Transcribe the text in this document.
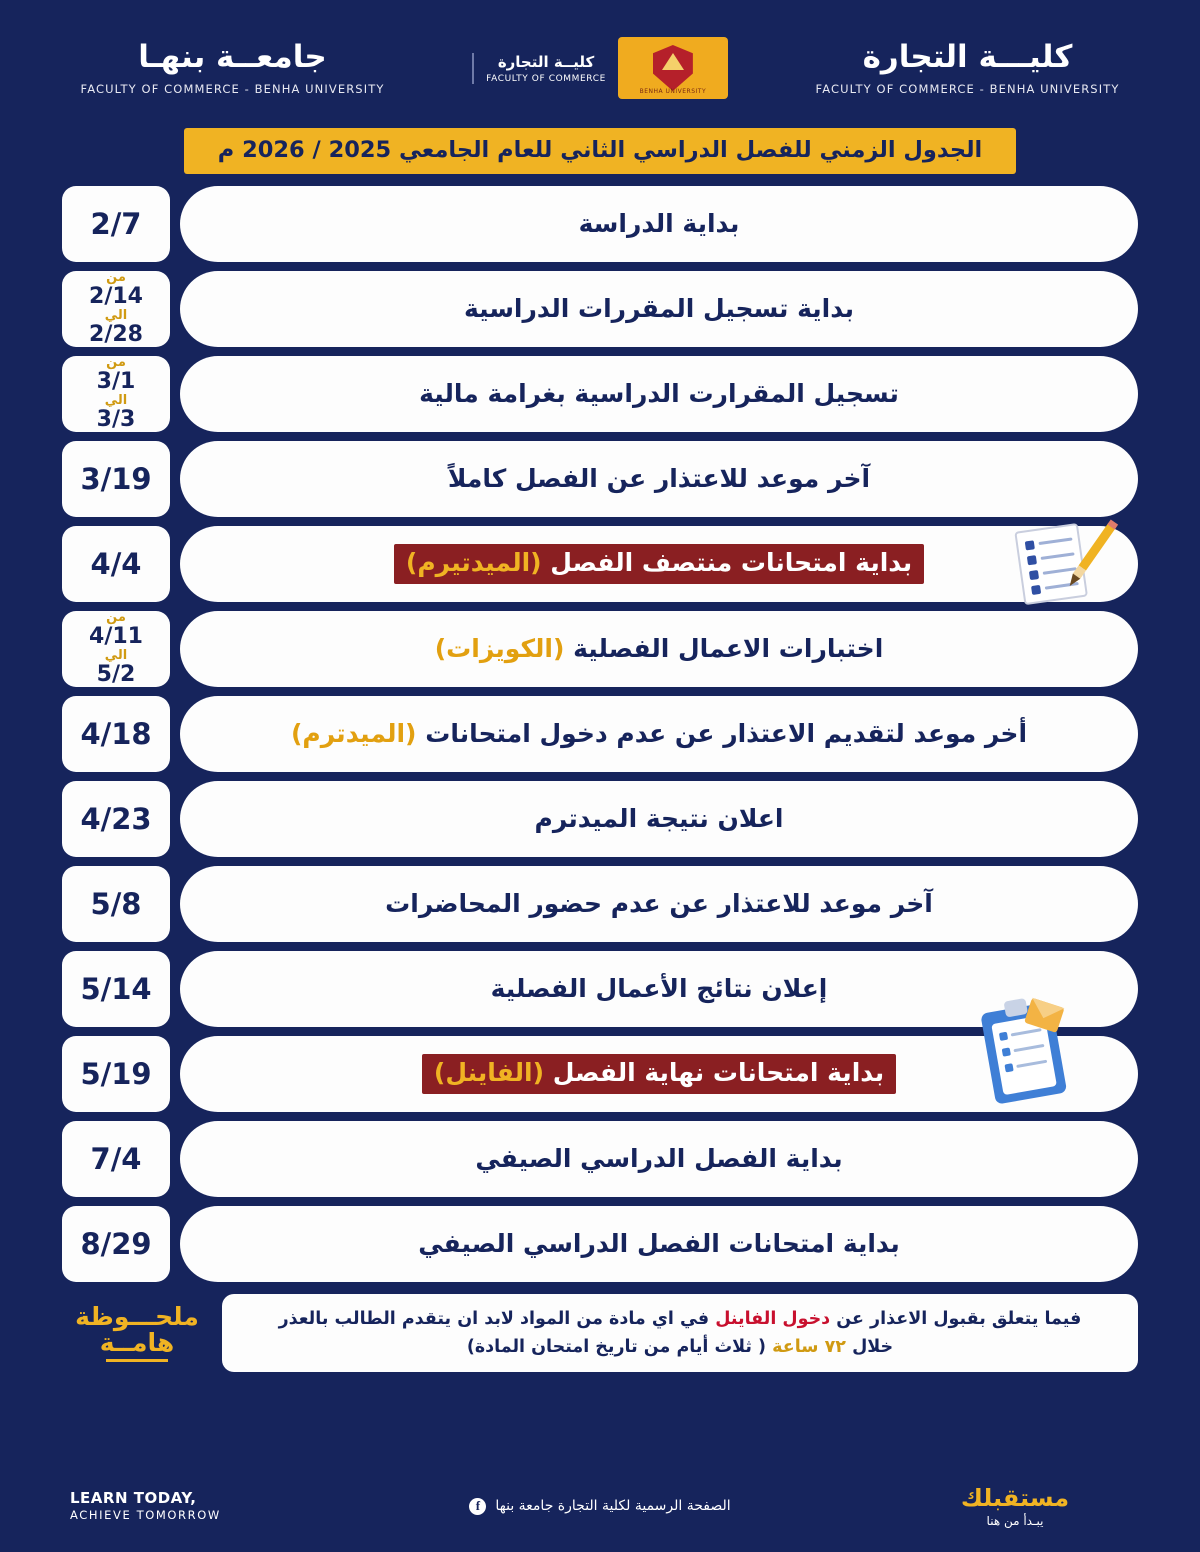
كليـــة التجارة
FACULTY OF COMMERCE - BENHA UNIVERSITY
BENHA UNIVERSITY
كليــة التجارة
FACULTY OF COMMERCE
جامعــة بنهـا
FACULTY OF COMMERCE - BENHA UNIVERSITY
الجدول الزمني للفصل الدراسي الثاني للعام الجامعي 2025 / 2026 م
بداية الدراسة
2/7
بداية تسجيل المقررات الدراسية
من
2/14
الي
2/28
تسجيل المقرارت الدراسية بغرامة مالية
من
3/1
الي
3/3
آخر موعد للاعتذار عن الفصل كاملاً
3/19
بداية امتحانات منتصف الفصل (الميدتيرم)
4/4
اختبارات الاعمال الفصلية (الكويزات)
من
4/11
الي
5/2
أخر موعد لتقديم الاعتذار عن عدم دخول امتحانات (الميدترم)
4/18
اعلان نتيجة الميدترم
4/23
آخر موعد للاعتذار عن عدم حضور المحاضرات
5/8
إعلان نتائج الأعمال الفصلية
5/14
بداية امتحانات نهاية الفصل (الفاينل)
5/19
بداية الفصل الدراسي الصيفي
7/4
بداية امتحانات الفصل الدراسي الصيفي
8/29
فيما يتعلق بقبول الاعذار عن دخول الفاينل في اي مادة من المواد لابد ان يتقدم الطالب بالعذر
خلال ٧٢ ساعة ( ثلاث أيام من تاريخ امتحان المادة)
ملحـــوظة
هامــة
مستقبلك
يبـدأ من هنا
الصفحة الرسمية لكلية التجارة جامعة بنها
f
LEARN TODAY,
ACHIEVE TOMORROW
